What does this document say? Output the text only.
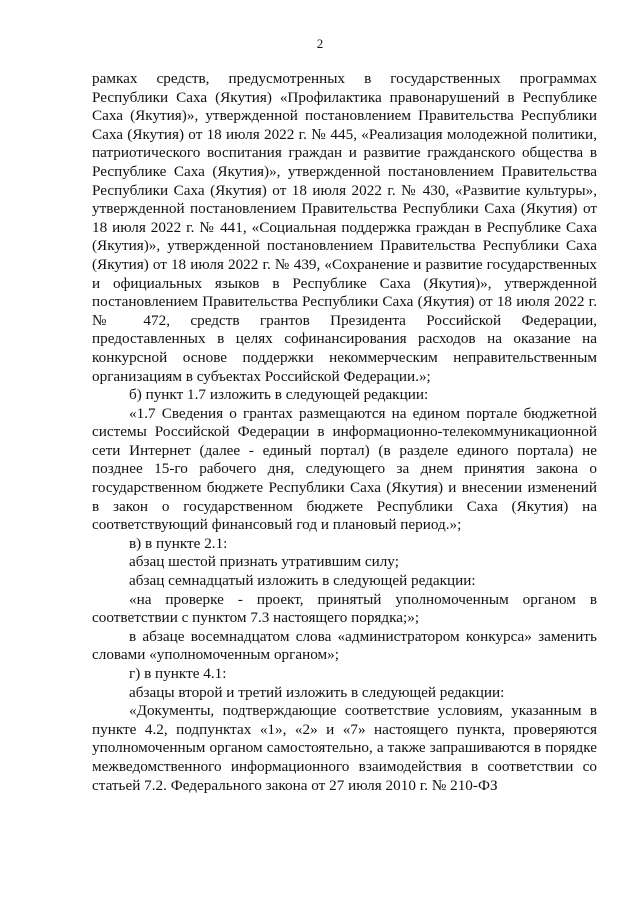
2

рамках средств, предусмотренных в государственных программах Республики Саха (Якутия) «Профилактика правонарушений в Республике Саха (Якутия)», утвержденной постановлением Правительства Республики Саха (Якутия) от 18 июля 2022 г. № 445, «Реализация молодежной политики, патриотического воспитания граждан и развитие гражданского общества в Республике Саха (Якутия)», утвержденной постановлением Правительства Республики Саха (Якутия) от 18 июля 2022 г. № 430, «Развитие культуры», утвержденной постановлением Правительства Республики Саха (Якутия) от 18 июля 2022 г. № 441, «Социальная поддержка граждан в Республике Саха (Якутия)», утвержденной постановлением Правительства Республики Саха (Якутия) от 18 июля 2022 г. № 439, «Сохранение и развитие государственных и официальных языков в Республике Саха (Якутия)», утвержденной постановлением Правительства Республики Саха (Якутия) от 18 июля 2022 г. № 472, средств грантов Президента Российской Федерации, предоставленных в целях софинансирования расходов на оказание на конкурсной основе поддержки некоммерческим неправительственным организациям в субъектах Российской Федерации.»;

б) пункт 1.7 изложить в следующей редакции:

«1.7 Сведения о грантах размещаются на едином портале бюджетной системы Российской Федерации в информационно-телекоммуникационной сети Интернет (далее - единый портал) (в разделе единого портала) не позднее 15-го рабочего дня, следующего за днем принятия закона о государственном бюджете Республики Саха (Якутия) и внесении изменений в закон о государственном бюджете Республики Саха (Якутия) на соответствующий финансовый год и плановый период.»;

в) в пункте 2.1:

абзац шестой признать утратившим силу;

абзац семнадцатый изложить в следующей редакции:

«на проверке - проект, принятый уполномоченным органом в соответствии с пунктом 7.3 настоящего порядка;»;

в абзаце восемнадцатом слова «администратором конкурса» заменить словами «уполномоченным органом»;

г) в пункте 4.1:

абзацы второй и третий изложить в следующей редакции:

«Документы, подтверждающие соответствие условиям, указанным в пункте 4.2, подпунктах «1», «2» и «7» настоящего пункта, проверяются уполномоченным органом самостоятельно, а также запрашиваются в порядке межведомственного информационного взаимодействия в соответствии со статьей 7.2. Федерального закона от 27 июля 2010 г. № 210-ФЗ
